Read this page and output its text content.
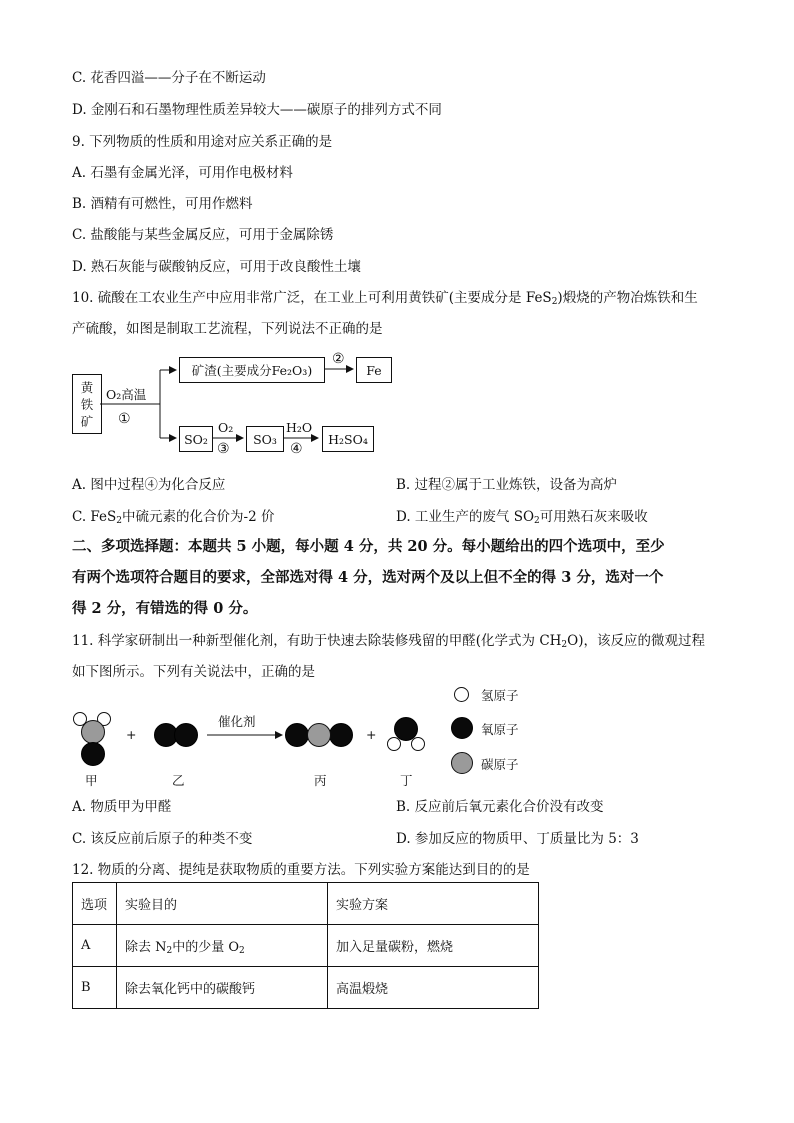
C. 花香四溢——分子在不断运动
D. 金刚石和石墨物理性质差异较大——碳原子的排列方式不同
9. 下列物质的性质和用途对应关系正确的是
A. 石墨有金属光泽，可用作电极材料
B. 酒精有可燃性，可用作燃料
C. 盐酸能与某些金属反应，可用于金属除锈
D. 熟石灰能与碳酸钠反应，可用于改良酸性土壤
10. 硫酸在工农业生产中应用非常广泛，在工业上可利用黄铁矿(主要成分是 FeS$_2$)煅烧的产物冶炼铁和生
产硫酸，如图是制取工艺流程，下列说法不正确的是
黄
铁
矿
O₂高温
①
矿渣(主要成分Fe₂O₃)
②
Fe
SO₂
O₂
③
SO₃
H₂O
④
H₂SO₄
A. 图中过程④为化合反应	B. 过程②属于工业炼铁，设备为高炉
C. FeS$_2$中硫元素的化合价为-2 价	D. 工业生产的废气 $SO_2$可用熟石灰来吸收
二、多项选择题：本题共 5 小题，每小题 4 分，共 20 分。每小题给出的四个选项中，至少
有两个选项符合题目的要求，全部选对得 4 分，选对两个及以上但不全的得 3 分，选对一个
得 2 分，有错选的得 0 分。
11. 科学家研制出一种新型催化剂，有助于快速去除装修残留的甲醛(化学式为 $CH_2O$)，该反应的微观过程
如下图所示。下列有关说法中，正确的是
甲
+
乙
催化剂
丙
+
丁
氢原子
氧原子
碳原子
A. 物质甲为甲醛	B. 反应前后氧元素化合价没有改变
C. 该反应前后原子的种类不变	D. 参加反应的物质甲、丁质量比为 5：3
12. 物质的分离、提纯是获取物质的重要方法。下列实验方案能达到目的的是
选项	实验目的	实验方案
A	除去 $N_2$中的少量 $O_2$	加入足量碳粉，燃烧
B	除去氧化钙中的碳酸钙	高温煅烧
